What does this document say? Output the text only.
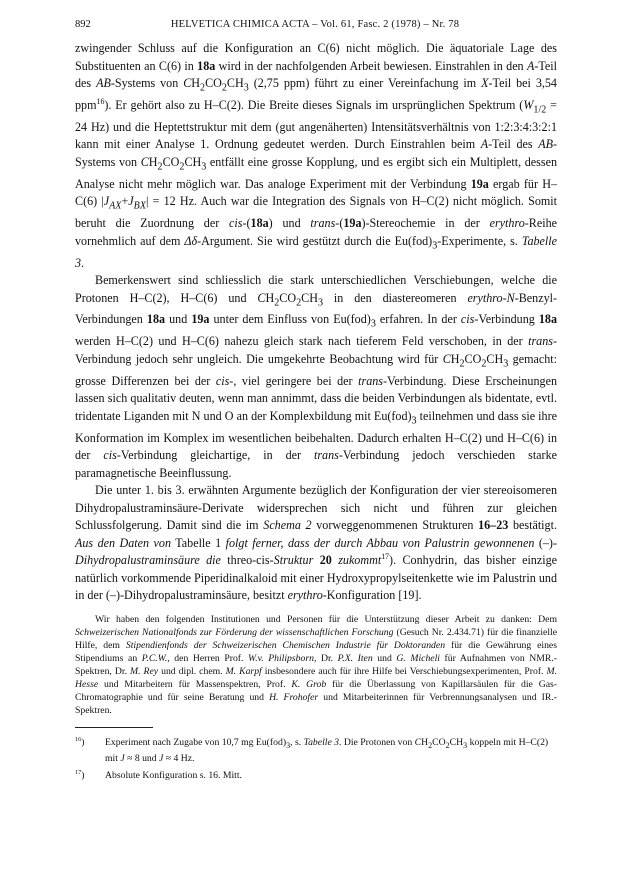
892	HELVETICA CHIMICA ACTA – Vol. 61, Fasc. 2 (1978) – Nr. 78

zwingender Schluss auf die Konfiguration an C(6) nicht möglich. Die äquatoriale Lage des Substituenten an C(6) in 18a wird in der nachfolgenden Arbeit bewiesen. Einstrahlen in den A-Teil des AB-Systems von $CH_2CO_2CH_3$ (2,75 ppm) führt zu einer Vereinfachung im X-Teil bei 3,54 ppm$^{16}$). Er gehört also zu H–C(2). Die Breite dieses Signals im ursprünglichen Spektrum ($W_{1/2} = 24$ Hz) und die Heptettstruktur mit dem (gut angenäherten) Intensitätsverhältnis von 1:2:3:4:3:2:1 kann mit einer Analyse 1. Ordnung gedeutet werden. Durch Einstrahlen beim A-Teil des AB-Systems von $CH_2CO_2CH_3$ entfällt eine grosse Kopplung, und es ergibt sich ein Multiplett, dessen Analyse nicht mehr möglich war. Das analoge Experiment mit der Verbindung 19a ergab für H–C(6) $|J_{AX}+J_{BX}| = 12$ Hz. Auch war die Integration des Signals von H–C(2) nicht möglich. Somit beruht die Zuordnung der cis-(18a) und trans-(19a)-Stereochemie in der erythro-Reihe vornehmlich auf dem Δδ-Argument. Sie wird gestützt durch die $Eu(fod)_3$-Experimente, s. Tabelle 3.

Bemerkenswert sind schliesslich die stark unterschiedlichen Verschiebungen, welche die Protonen H–C(2), H–C(6) und $CH_2CO_2CH_3$ in den diastereomeren erythro-N-Benzyl-Verbindungen 18a und 19a unter dem Einfluss von $Eu(fod)_3$ erfahren. In der cis-Verbindung 18a werden H–C(2) und H–C(6) nahezu gleich stark nach tieferem Feld verschoben, in der trans-Verbindung jedoch sehr ungleich. Die umgekehrte Beobachtung wird für $CH_2CO_2CH_3$ gemacht: grosse Differenzen bei der cis-, viel geringere bei der trans-Verbindung. Diese Erscheinungen lassen sich qualitativ deuten, wenn man annimmt, dass die beiden Verbindungen als bidentate, evtl. tridentate Liganden mit N und O an der Komplexbildung mit $Eu(fod)_3$ teilnehmen und dass sie ihre Konformation im Komplex im wesentlichen beibehalten. Dadurch erhalten H–C(2) und H–C(6) in der cis-Verbindung gleichartige, in der trans-Verbindung jedoch verschieden starke paramagnetische Beeinflussung.

Die unter 1. bis 3. erwähnten Argumente bezüglich der Konfiguration der vier stereoisomeren Dihydropalustraminsäure-Derivate widersprechen sich nicht und führen zur gleichen Schlussfolgerung. Damit sind die im Schema 2 vorweggenommenen Strukturen 16–23 bestätigt. Aus den Daten von Tabelle 1 folgt ferner, dass der durch Abbau von Palustrin gewonnenen (–)-Dihydropalustraminsäure die threo-cis-Struktur 20 zukommt$^{17}$). Conhydrin, das bisher einzige natürlich vorkommende Piperidinalkaloid mit einer Hydroxypropylseitenkette wie im Palustrin und in der (–)-Dihydropalustraminsäure, besitzt erythro-Konfiguration [19].

Wir haben den folgenden Institutionen und Personen für die Unterstützung dieser Arbeit zu danken: Dem Schweizerischen Nationalfonds zur Förderung der wissenschaftlichen Forschung (Gesuch Nr. 2.434.71) für die finanzielle Hilfe, dem Stipendienfonds der Schweizerischen Chemischen Industrie für Doktoranden für die Gewährung eines Stipendiums an P.C.W., den Herren Prof. W.v. Philipsborn, Dr. P.X. Iten und G. Micheli für Aufnahmen von NMR.-Spektren, Dr. M. Rey und dipl. chem. M. Karpf insbesondere auch für ihre Hilfe bei Verschiebungsexperimenten, Prof. M. Hesse und Mitarbeitern für Massenspektren, Prof. K. Grob für die Überlassung von Kapillarsäulen für die Gas-Chromatographie und für seine Beratung und H. Frohofer und Mitarbeiterinnen für Verbrennungsanalysen und IR.-Spektren.

$^{16}$) Experiment nach Zugabe von 10,7 mg $Eu(fod)_3$, s. Tabelle 3. Die Protonen von $CH_2CO_2CH_3$ koppeln mit H–C(2) mit J ≈ 8 und J ≈ 4 Hz.
$^{17}$) Absolute Konfiguration s. 16. Mitt.
